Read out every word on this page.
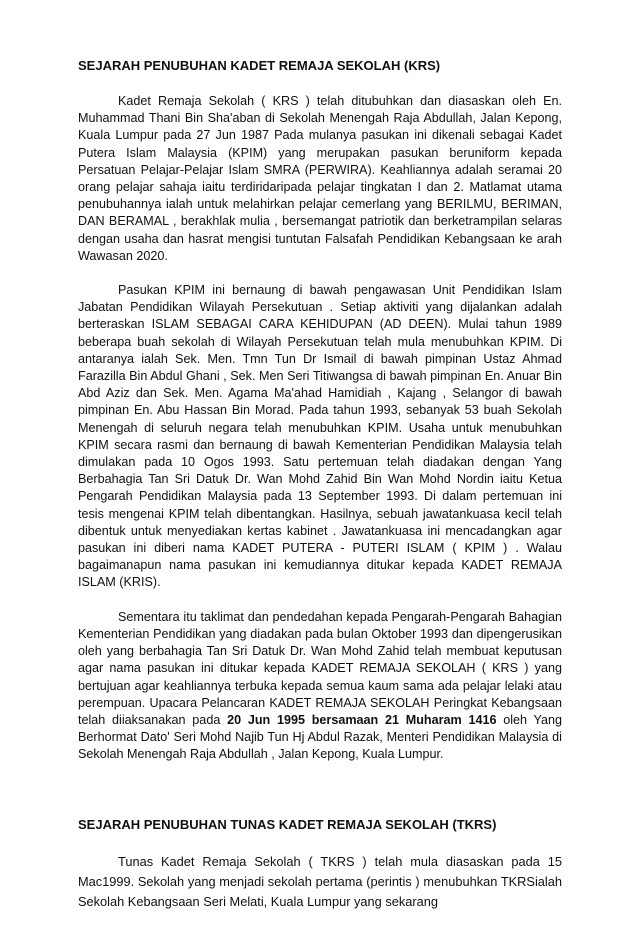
SEJARAH PENUBUHAN KADET REMAJA SEKOLAH (KRS)

Kadet Remaja Sekolah ( KRS ) telah ditubuhkan dan diasaskan oleh En. Muhammad Thani Bin Sha'aban di Sekolah Menengah Raja Abdullah, Jalan Kepong, Kuala Lumpur pada 27 Jun 1987 Pada mulanya pasukan ini dikenali sebagai Kadet Putera Islam Malaysia (KPIM) yang merupakan pasukan beruniform kepada Persatuan Pelajar-Pelajar Islam SMRA (PERWIRA). Keahliannya adalah seramai 20 orang pelajar sahaja iaitu terdiridaripada pelajar tingkatan I dan 2. Matlamat utama penubuhannya ialah untuk melahirkan pelajar cemerlang yang BERILMU, BERIMAN, DAN BERAMAL , berakhlak mulia , bersemangat patriotik dan berketrampilan selaras dengan usaha dan hasrat mengisi tuntutan Falsafah Pendidikan Kebangsaan ke arah Wawasan 2020.

Pasukan KPIM ini bernaung di bawah pengawasan Unit Pendidikan Islam Jabatan Pendidikan Wilayah Persekutuan . Setiap aktiviti yang dijalankan adalah berteraskan ISLAM SEBAGAI CARA KEHIDUPAN (AD DEEN). Mulai tahun 1989 beberapa buah sekolah di Wilayah Persekutuan telah mula menubuhkan KPIM. Di antaranya ialah Sek. Men. Tmn Tun Dr Ismail di bawah pimpinan Ustaz Ahmad Farazilla Bin Abdul Ghani , Sek. Men Seri Titiwangsa di bawah pimpinan En. Anuar Bin Abd Aziz dan Sek. Men. Agama Ma'ahad Hamidiah , Kajang , Selangor di bawah pimpinan En. Abu Hassan Bin Morad. Pada tahun 1993, sebanyak 53 buah Sekolah Menengah di seluruh negara telah menubuhkan KPIM. Usaha untuk menubuhkan KPIM secara rasmi dan bernaung di bawah Kementerian Pendidikan Malaysia telah dimulakan pada 10 Ogos 1993. Satu pertemuan telah diadakan dengan Yang Berbahagia Tan Sri Datuk Dr. Wan Mohd Zahid Bin Wan Mohd Nordin iaitu Ketua Pengarah Pendidikan Malaysia pada 13 September 1993. Di dalam pertemuan ini tesis mengenai KPIM telah dibentangkan. Hasilnya, sebuah jawatankuasa kecil telah dibentuk untuk menyediakan kertas kabinet . Jawatankuasa ini mencadangkan agar pasukan ini diberi nama KADET PUTERA - PUTERI ISLAM ( KPIM ) . Walau bagaimanapun nama pasukan ini kemudiannya ditukar kepada KADET REMAJA ISLAM (KRIS).

Sementara itu taklimat dan pendedahan kepada Pengarah-Pengarah Bahagian Kementerian Pendidikan yang diadakan pada bulan Oktober 1993 dan dipengerusikan oleh yang berbahagia Tan Sri Datuk Dr. Wan Mohd Zahid telah membuat keputusan agar nama pasukan ini ditukar kepada KADET REMAJA SEKOLAH ( KRS ) yang bertujuan agar keahliannya terbuka kepada semua kaum sama ada pelajar lelaki atau perempuan. Upacara Pelancaran KADET REMAJA SEKOLAH Peringkat Kebangsaan telah diiaksanakan pada 20 Jun 1995 bersamaan 21 Muharam 1416 oleh Yang Berhormat Dato' Seri Mohd Najib Tun Hj Abdul Razak, Menteri Pendidikan Malaysia di Sekolah Menengah Raja Abdullah , Jalan Kepong, Kuala Lumpur.

SEJARAH PENUBUHAN TUNAS KADET REMAJA SEKOLAH (TKRS)

Tunas Kadet Remaja Sekolah ( TKRS ) telah mula diasaskan pada 15 Mac1999. Sekolah yang menjadi sekolah pertama (perintis ) menubuhkan TKRSialah Sekolah Kebangsaan Seri Melati, Kuala Lumpur yang sekarang
